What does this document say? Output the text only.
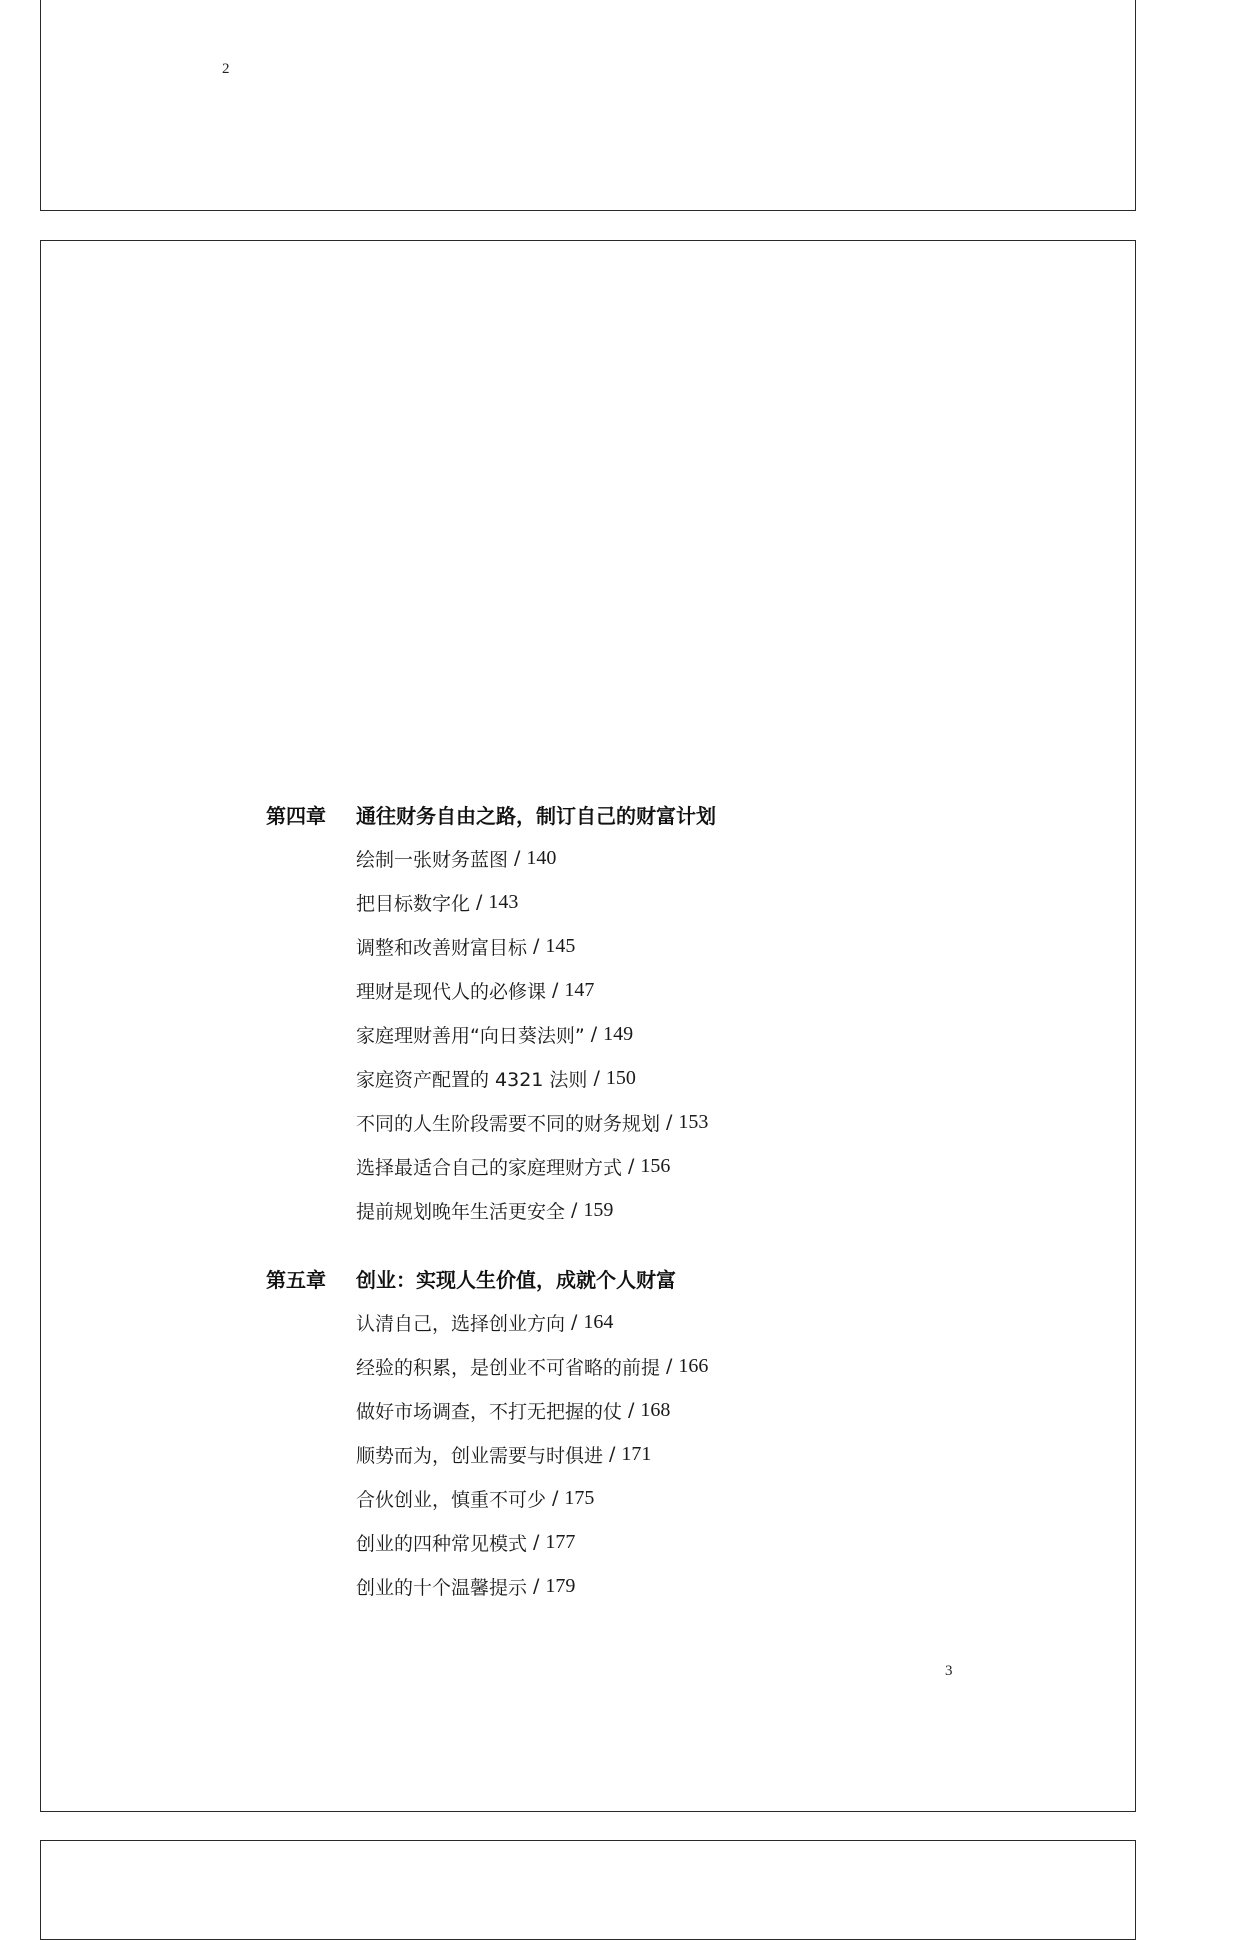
2
第四章	通往财务自由之路，制订自己的财富计划
绘制一张财务蓝图 / 140
把目标数字化 / 143
调整和改善财富目标 / 145
理财是现代人的必修课 / 147
家庭理财善用“向日葵法则” / 149
家庭资产配置的 4321 法则 / 150
不同的人生阶段需要不同的财务规划 / 153
选择最适合自己的家庭理财方式 / 156
提前规划晚年生活更安全 / 159
第五章	创业：实现人生价值，成就个人财富
认清自己，选择创业方向 / 164
经验的积累，是创业不可省略的前提 / 166
做好市场调查，不打无把握的仗 / 168
顺势而为，创业需要与时俱进 / 171
合伙创业，慎重不可少 / 175
创业的四种常见模式 / 177
创业的十个温馨提示 / 179
3
